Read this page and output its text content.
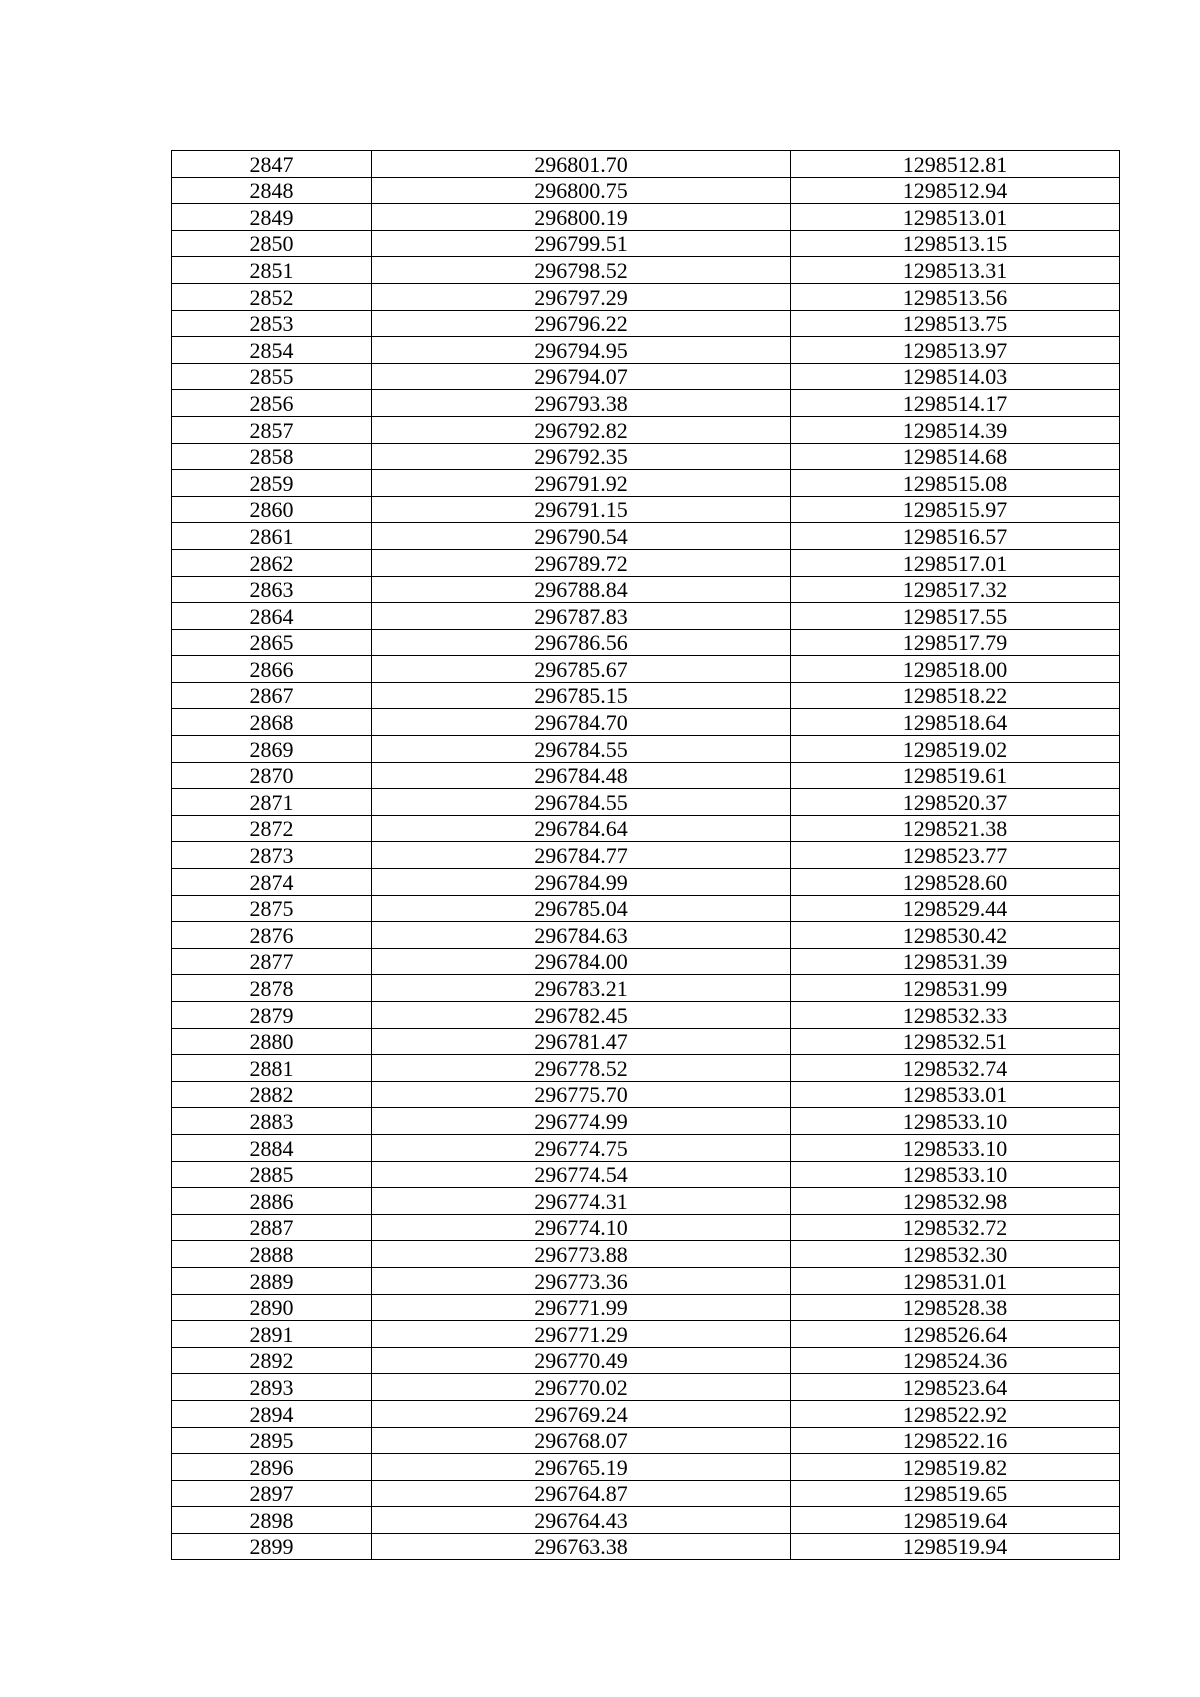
2847	296801.70	1298512.81
2848	296800.75	1298512.94
2849	296800.19	1298513.01
2850	296799.51	1298513.15
2851	296798.52	1298513.31
2852	296797.29	1298513.56
2853	296796.22	1298513.75
2854	296794.95	1298513.97
2855	296794.07	1298514.03
2856	296793.38	1298514.17
2857	296792.82	1298514.39
2858	296792.35	1298514.68
2859	296791.92	1298515.08
2860	296791.15	1298515.97
2861	296790.54	1298516.57
2862	296789.72	1298517.01
2863	296788.84	1298517.32
2864	296787.83	1298517.55
2865	296786.56	1298517.79
2866	296785.67	1298518.00
2867	296785.15	1298518.22
2868	296784.70	1298518.64
2869	296784.55	1298519.02
2870	296784.48	1298519.61
2871	296784.55	1298520.37
2872	296784.64	1298521.38
2873	296784.77	1298523.77
2874	296784.99	1298528.60
2875	296785.04	1298529.44
2876	296784.63	1298530.42
2877	296784.00	1298531.39
2878	296783.21	1298531.99
2879	296782.45	1298532.33
2880	296781.47	1298532.51
2881	296778.52	1298532.74
2882	296775.70	1298533.01
2883	296774.99	1298533.10
2884	296774.75	1298533.10
2885	296774.54	1298533.10
2886	296774.31	1298532.98
2887	296774.10	1298532.72
2888	296773.88	1298532.30
2889	296773.36	1298531.01
2890	296771.99	1298528.38
2891	296771.29	1298526.64
2892	296770.49	1298524.36
2893	296770.02	1298523.64
2894	296769.24	1298522.92
2895	296768.07	1298522.16
2896	296765.19	1298519.82
2897	296764.87	1298519.65
2898	296764.43	1298519.64
2899	296763.38	1298519.94
